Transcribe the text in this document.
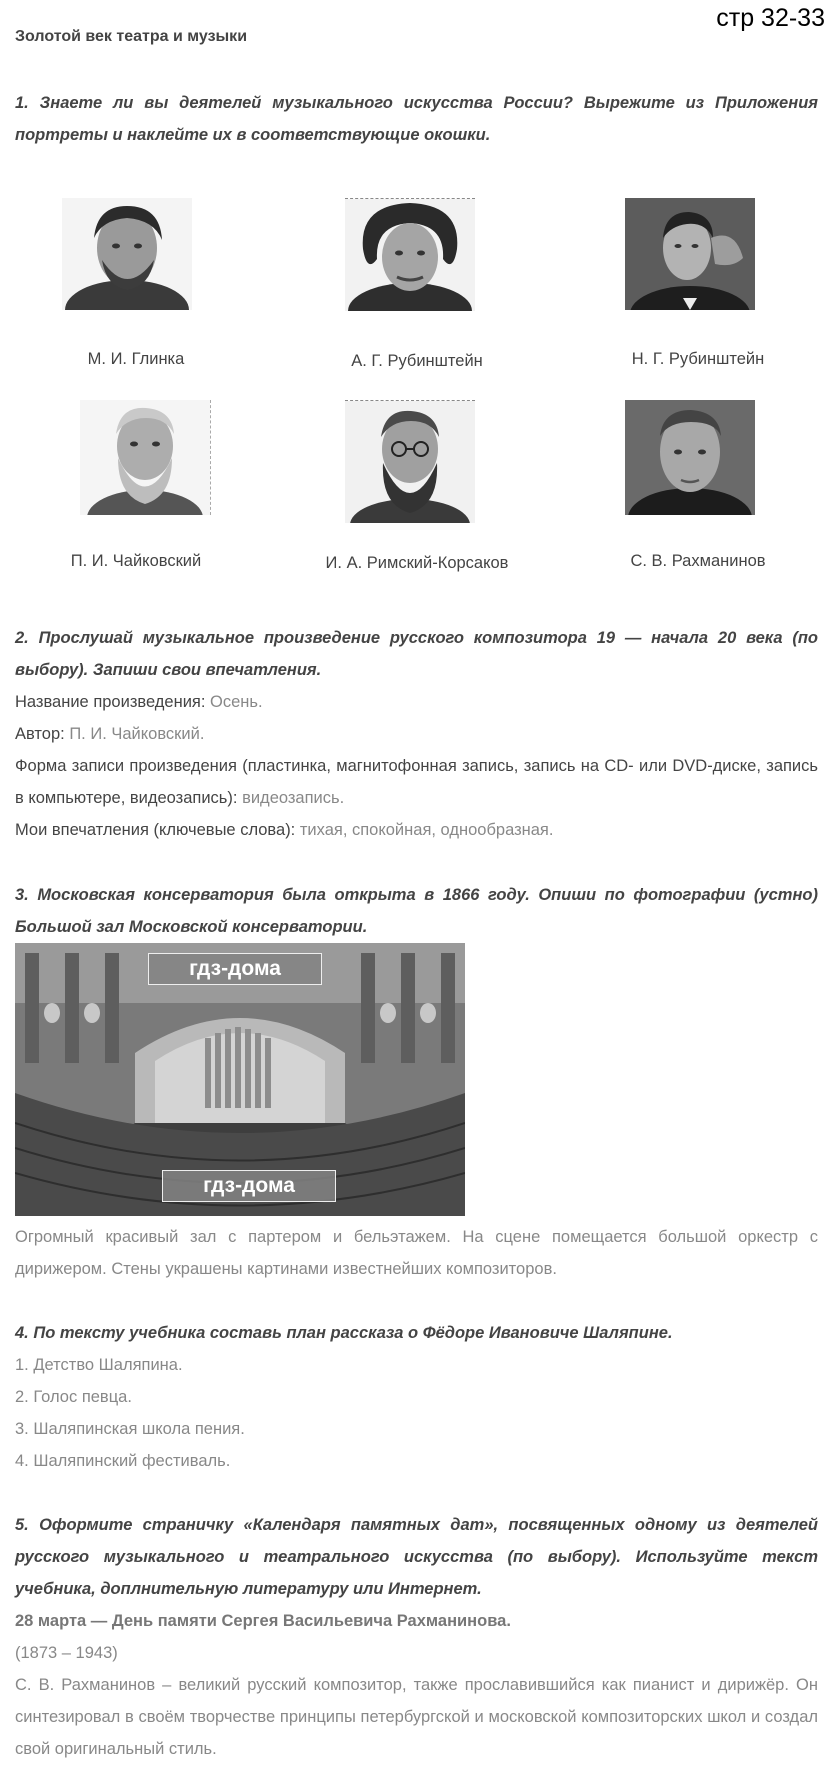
стр 32-33
Золотой век театра и музыки
1. Знаете ли вы деятелей музыкального искусства России? Вырежите из Приложения портреты и наклейте их в соответствующие окошки.
М. И. Глинка	А. Г. Рубинштейн	Н. Г. Рубинштейн
П. И. Чайковский	И. А. Римский-Корсаков	С. В. Рахманинов
2. Прослушай музыкальное произведение русского композитора 19 — начала 20 века (по выбору). Запиши свои впечатления.
Название произведения: Осень.
Автор: П. И. Чайковский.
Форма записи произведения (пластинка, магнитофонная запись, запись на CD- или DVD-диске, запись в компьютере, видеозапись): видеозапись.
Мои впечатления (ключевые слова): тихая, спокойная, однообразная.
3. Московская консерватория была открыта в 1866 году. Опиши по фотографии (устно) Большой зал Московской консерватории.
гдз-дома
гдз-дома
Огромный красивый зал с партером и бельэтажем. На сцене помещается большой оркестр с дирижером. Стены украшены картинами известнейших композиторов.
4. По тексту учебника составь план рассказа о Фёдоре Ивановиче Шаляпине.
1. Детство Шаляпина.
2. Голос певца.
3. Шаляпинская школа пения.
4. Шаляпинский фестиваль.
5. Оформите страничку «Календаря памятных дат», посвященных одному из деятелей русского музыкального и театрального искусства (по выбору). Используйте текст учебника, доплнительную литературу или Интернет.
28 марта — День памяти Сергея Васильевича Рахманинова.
(1873 – 1943)
С. В. Рахманинов – великий русский композитор, также прославившийся как пианист и дирижёр. Он синтезировал в своём творчестве принципы петербургской и московской композиторских школ и создал свой оригинальный стиль.
